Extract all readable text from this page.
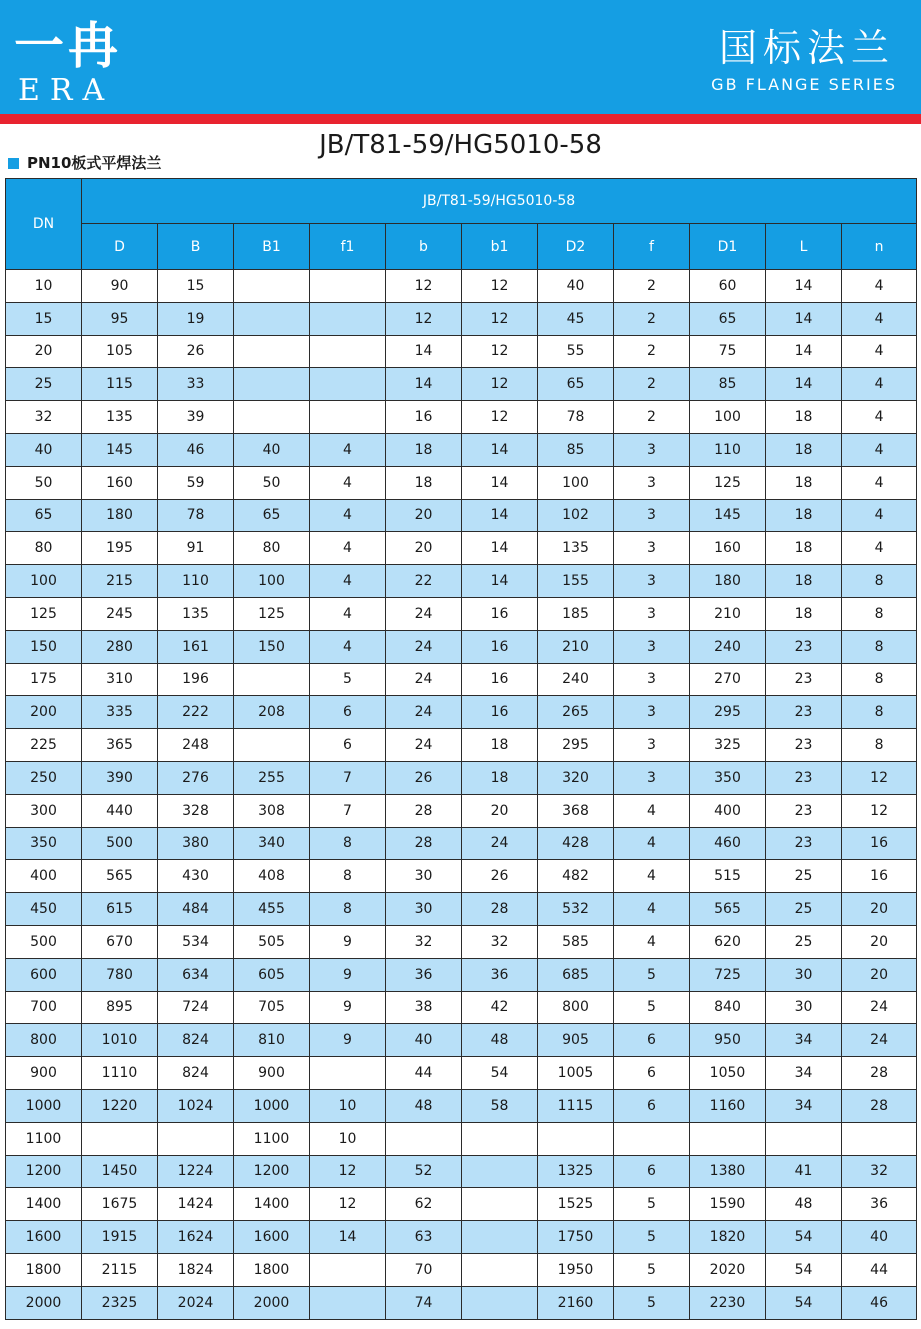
一冉
ERA
国标法兰
GB FLANGE SERIES
JB/T81-59/HG5010-58
PN10板式平焊法兰
DN	JB/T81-59/HG5010-58										
	D	B	B1	f1	b	b1	D2	f	D1	L	n
10	90	15			12	12	40	2	60	14	4
15	95	19			12	12	45	2	65	14	4
20	105	26			14	12	55	2	75	14	4
25	115	33			14	12	65	2	85	14	4
32	135	39			16	12	78	2	100	18	4
40	145	46	40	4	18	14	85	3	110	18	4
50	160	59	50	4	18	14	100	3	125	18	4
65	180	78	65	4	20	14	102	3	145	18	4
80	195	91	80	4	20	14	135	3	160	18	4
100	215	110	100	4	22	14	155	3	180	18	8
125	245	135	125	4	24	16	185	3	210	18	8
150	280	161	150	4	24	16	210	3	240	23	8
175	310	196		5	24	16	240	3	270	23	8
200	335	222	208	6	24	16	265	3	295	23	8
225	365	248		6	24	18	295	3	325	23	8
250	390	276	255	7	26	18	320	3	350	23	12
300	440	328	308	7	28	20	368	4	400	23	12
350	500	380	340	8	28	24	428	4	460	23	16
400	565	430	408	8	30	26	482	4	515	25	16
450	615	484	455	8	30	28	532	4	565	25	20
500	670	534	505	9	32	32	585	4	620	25	20
600	780	634	605	9	36	36	685	5	725	30	20
700	895	724	705	9	38	42	800	5	840	30	24
800	1010	824	810	9	40	48	905	6	950	34	24
900	1110	824	900		44	54	1005	6	1050	34	28
1000	1220	1024	1000	10	48	58	1115	6	1160	34	28
1100			1100	10							
1200	1450	1224	1200	12	52		1325	6	1380	41	32
1400	1675	1424	1400	12	62		1525	5	1590	48	36
1600	1915	1624	1600	14	63		1750	5	1820	54	40
1800	2115	1824	1800		70		1950	5	2020	54	44
2000	2325	2024	2000		74		2160	5	2230	54	46
